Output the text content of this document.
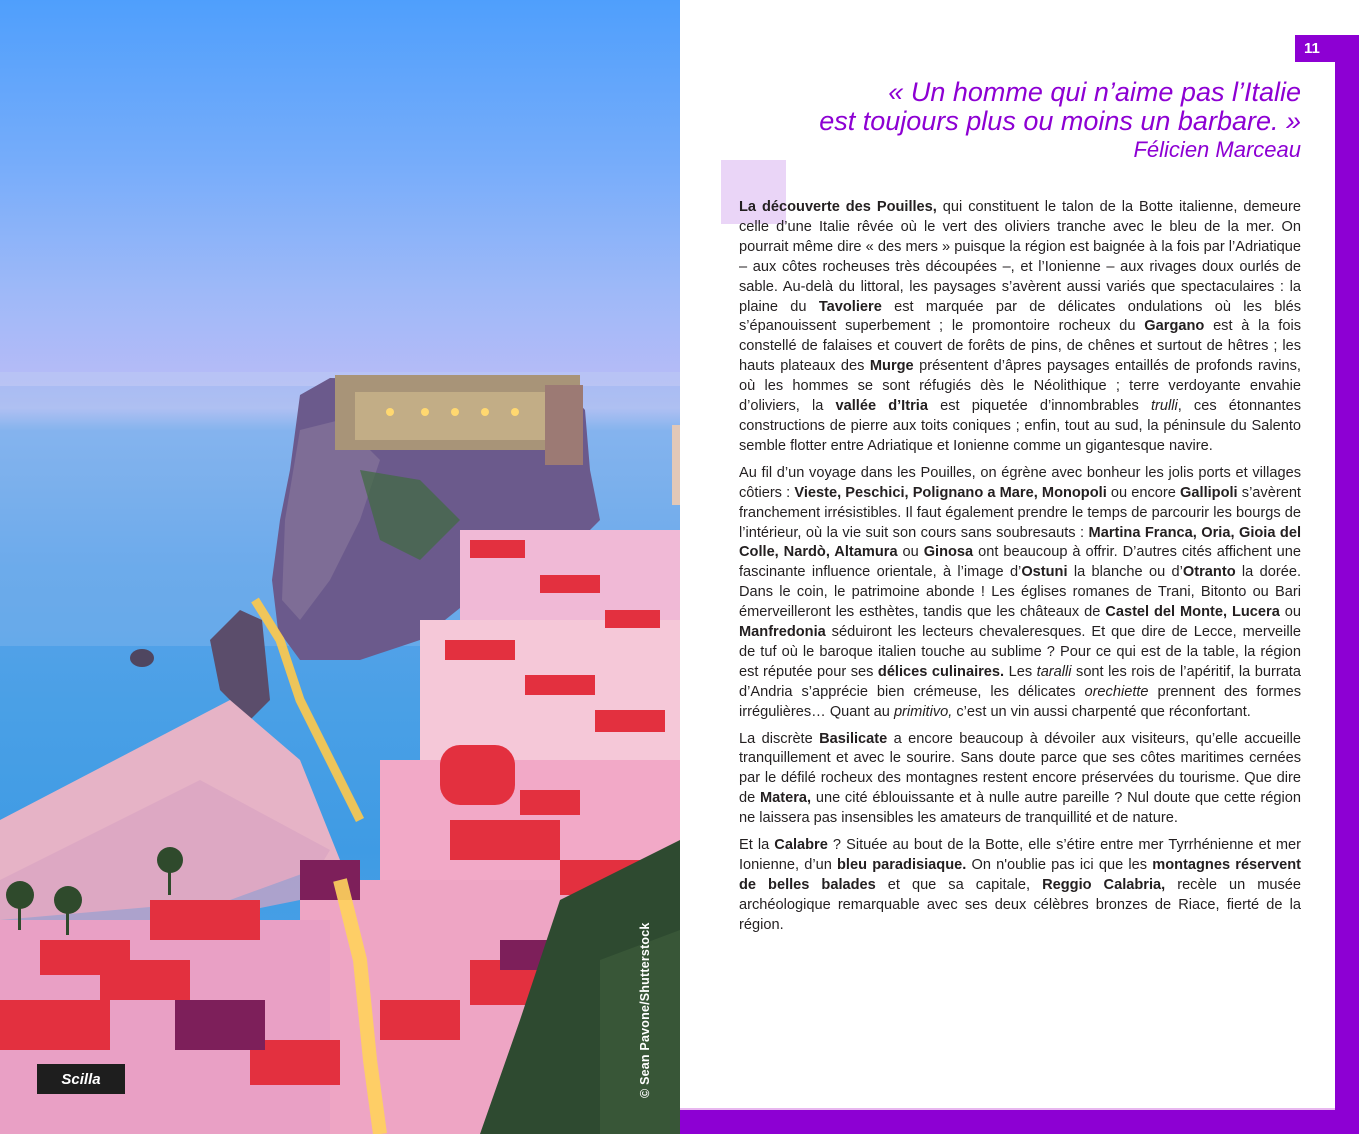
Scilla	© Sean Pavone/Shutterstock
11
« Un homme qui n’aime pas l’Italie
est toujours plus ou moins un barbare. »
Félicien Marceau

La découverte des Pouilles, qui constituent le talon de la Botte italienne, demeure celle d’une Italie rêvée où le vert des oliviers tranche avec le bleu de la mer. On pourrait même dire « des mers » puisque la région est baignée à la fois par l’Adriatique – aux côtes rocheuses très découpées –, et l’Ionienne – aux rivages doux ourlés de sable. Au-delà du littoral, les paysages s’avèrent aussi variés que spectaculaires : la plaine du Tavoliere est marquée par de délicates ondulations où les blés s’épanouissent superbement ; le promontoire rocheux du Gargano est à la fois constellé de falaises et couvert de forêts de pins, de chênes et surtout de hêtres ; les hauts plateaux des Murge présentent d’âpres paysages entaillés de profonds ravins, où les hommes se sont réfugiés dès le Néolithique ; terre verdoyante envahie d’oliviers, la vallée d’Itria est piquetée d’innombrables trulli, ces étonnantes constructions de pierre aux toits coniques ; enfin, tout au sud, la péninsule du Salento semble flotter entre Adriatique et Ionienne comme un gigantesque navire.

Au fil d’un voyage dans les Pouilles, on égrène avec bonheur les jolis ports et villages côtiers : Vieste, Peschici, Polignano a Mare, Monopoli ou encore Gallipoli s’avèrent franchement irrésistibles. Il faut également prendre le temps de parcourir les bourgs de l’intérieur, où la vie suit son cours sans soubresauts : Martina Franca, Oria, Gioia del Colle, Nardò, Altamura ou Ginosa ont beaucoup à offrir. D’autres cités affichent une fascinante influence orientale, à l’image d’Ostuni la blanche ou d’Otranto la dorée. Dans le coin, le patrimoine abonde ! Les églises romanes de Trani, Bitonto ou Bari émerveilleront les esthètes, tandis que les châteaux de Castel del Monte, Lucera ou Manfredonia séduiront les lecteurs chevaleresques. Et que dire de Lecce, merveille de tuf où le baroque italien touche au sublime ? Pour ce qui est de la table, la région est réputée pour ses délices culinaires. Les taralli sont les rois de l’apéritif, la burrata d’Andria s’apprécie bien crémeuse, les délicates orechiette prennent des formes irrégulières… Quant au primitivo, c’est un vin aussi charpenté que réconfortant.

La discrète Basilicate a encore beaucoup à dévoiler aux visiteurs, qu’elle accueille tranquillement et avec le sourire. Sans doute parce que ses côtes maritimes cernées par le défilé rocheux des montagnes restent encore préservées du tourisme. Que dire de Matera, une cité éblouissante et à nulle autre pareille ? Nul doute que cette région ne laissera pas insensibles les amateurs de tranquillité et de nature.

Et la Calabre ? Située au bout de la Botte, elle s’étire entre mer Tyrrhénienne et mer Ionienne, d’un bleu paradisiaque. On n'oublie pas ici que les montagnes réservent de belles balades et que sa capitale, Reggio Calabria, recèle un musée archéologique remarquable avec ses deux célèbres bronzes de Riace, fierté de la région.
